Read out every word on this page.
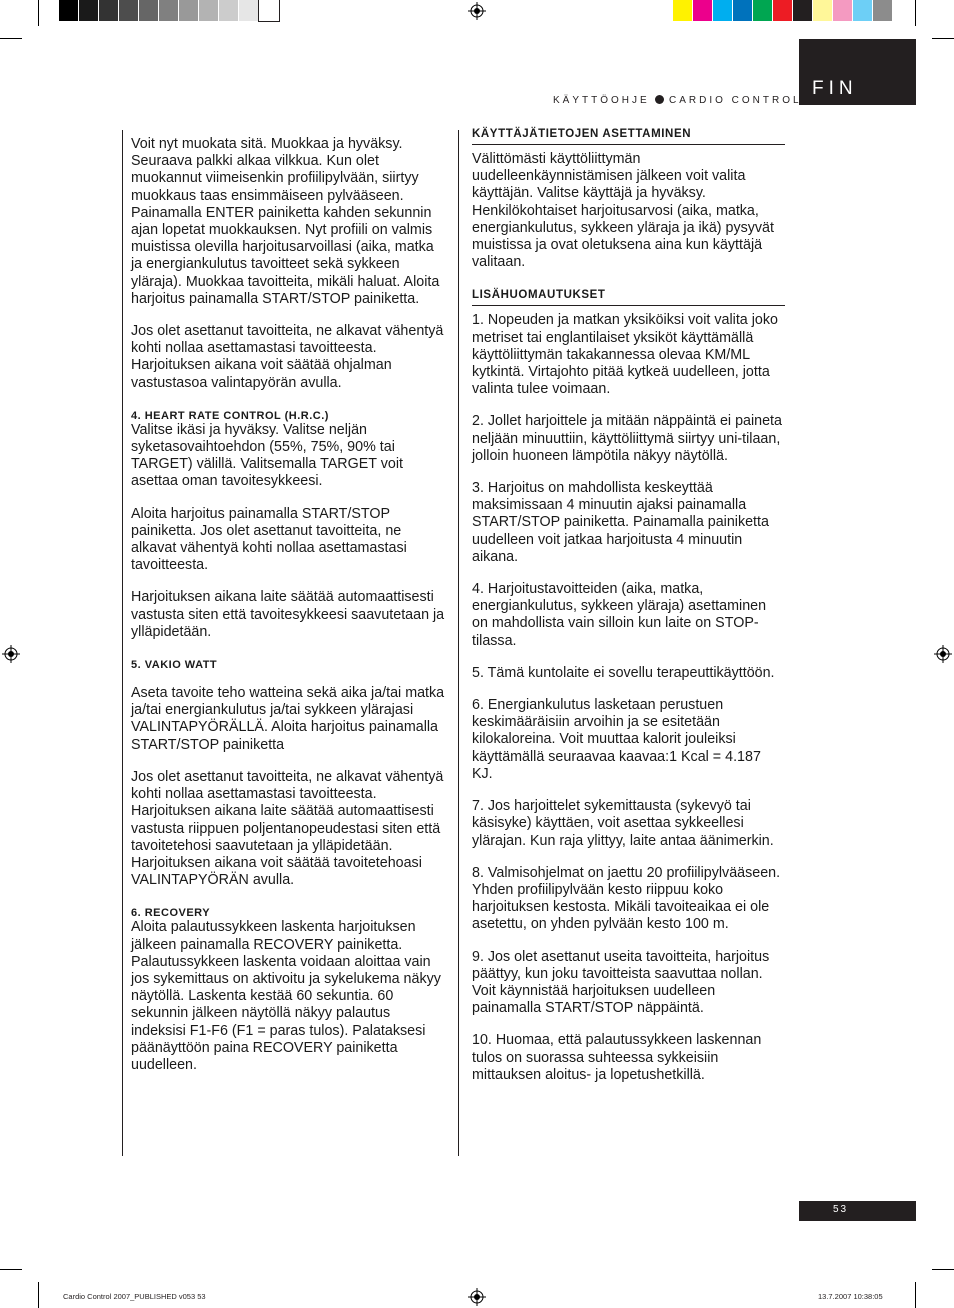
FIN
KÄYTTÖOHJE CARDIO CONTROL

Voit nyt muokata sitä. Muokkaa ja hyväksy. Seuraava palkki alkaa vilkkua. Kun olet muokannut viimeisenkin profiilipylvään, siirtyy muokkaus taas ensimmäiseen pylvääseen. Painamalla ENTER painiketta kahden sekunnin ajan lopetat muokkauksen. Nyt profiili on valmis muistissa olevilla harjoitusarvoillasi (aika, matka ja energiankulutus tavoitteet sekä sykkeen yläraja). Muokkaa tavoitteita, mikäli haluat. Aloita harjoitus painamalla START/STOP painiketta.

Jos olet asettanut tavoitteita, ne alkavat vähentyä kohti nollaa asettamastasi tavoitteesta. Harjoituksen aikana voit säätää ohjalman vastustasoa valintapyörän avulla.

4. HEART RATE CONTROL (H.R.C.)

Valitse ikäsi ja hyväksy. Valitse neljän syketasovaihtoehdon (55%, 75%, 90% tai TARGET) välillä. Valitsemalla TARGET voit asettaa oman tavoitesykkeesi.

Aloita harjoitus painamalla START/STOP painiketta. Jos olet asettanut tavoitteita, ne alkavat vähentyä kohti nollaa asettamastasi tavoitteesta.

Harjoituksen aikana laite säätää automaattisesti vastusta siten että tavoitesykkeesi saavutetaan ja ylläpidetään.

5. VAKIO WATT

Aseta tavoite teho watteina sekä aika ja/tai matka ja/tai energiankulutus ja/tai sykkeen ylärajasi VALINTAPYÖRÄLLÄ. Aloita harjoitus painamalla START/STOP painiketta

Jos olet asettanut tavoitteita, ne alkavat vähentyä kohti nollaa asettamastasi tavoitteesta. Harjoituksen aikana laite säätää automaattisesti vastusta riippuen poljentanopeudestasi siten että tavoitetehosi saavutetaan ja ylläpidetään. Harjoituksen aikana voit säätää tavoitetehoasi VALINTAPYÖRÄN avulla.

6. RECOVERY

Aloita palautussykkeen laskenta harjoituksen jälkeen painamalla RECOVERY painiketta. Palautussykkeen laskenta voidaan aloittaa vain jos sykemittaus on aktivoitu ja sykelukema näkyy näytöllä. Laskenta kestää 60 sekuntia. 60 sekunnin jälkeen näytöllä näkyy palautus indeksisi F1-F6 (F1 = paras tulos). Palataksesi päänäyttöön paina RECOVERY painiketta uudelleen.

KÄYTTÄJÄTIETOJEN ASETTAMINEN

Välittömästi käyttöliittymän uudelleenkäynnistämisen jälkeen voit valita käyttäjän. Valitse käyttäjä ja hyväksy. Henkilökohtaiset harjoitusarvosi (aika, matka, energiankulutus, sykkeen yläraja ja ikä) pysyvät muistissa ja ovat oletuksena aina kun käyttäjä valitaan.

LISÄHUOMAUTUKSET

1. Nopeuden ja matkan yksiköiksi voit valita joko metriset tai englantilaiset yksiköt käyttämällä käyttöliittymän takakannessa olevaa KM/ML kytkintä. Virtajohto pitää kytkeä uudelleen, jotta valinta tulee voimaan.

2. Jollet harjoittele ja mitään näppäintä ei paineta neljään minuuttiin, käyttöliittymä siirtyy uni-tilaan, jolloin huoneen lämpötila näkyy näytöllä.

3. Harjoitus on mahdollista keskeyttää maksimissaan 4 minuutin ajaksi painamalla START/STOP painiketta. Painamalla painiketta uudelleen voit jatkaa harjoitusta 4 minuutin aikana.

4. Harjoitustavoitteiden (aika, matka, energiankulutus, sykkeen yläraja) asettaminen on mahdollista vain silloin kun laite on STOP-tilassa.

5. Tämä kuntolaite ei sovellu terapeuttikäyttöön.

6. Energiankulutus lasketaan perustuen keskimääräisiin arvoihin ja se esitetään kilokaloreina. Voit muuttaa kalorit jouleiksi käyttämällä seuraavaa kaavaa:1 Kcal = 4.187 KJ.

7. Jos harjoittelet sykemittausta (sykevyö tai käsisyke) käyttäen, voit asettaa sykkeellesi ylärajan. Kun raja ylittyy, laite antaa äänimerkin.

8. Valmisohjelmat on jaettu 20 profiilipylvääseen. Yhden profiilipylvään kesto riippuu koko harjoituksen kestosta. Mikäli tavoiteaikaa ei ole asetettu, on yhden pylvään kesto 100 m.

9. Jos olet asettanut useita tavoitteita, harjoitus päättyy, kun joku tavoitteista saavuttaa nollan. Voit käynnistää harjoituksen uudelleen painamalla START/STOP näppäintä.

10. Huomaa, että palautussykkeen laskennan tulos on suorassa suhteessa sykkeisiin mittauksen aloitus- ja lopetushetkillä.

53
Cardio Control 2007_PUBLISHED v053 53	13.7.2007 10:38:05
